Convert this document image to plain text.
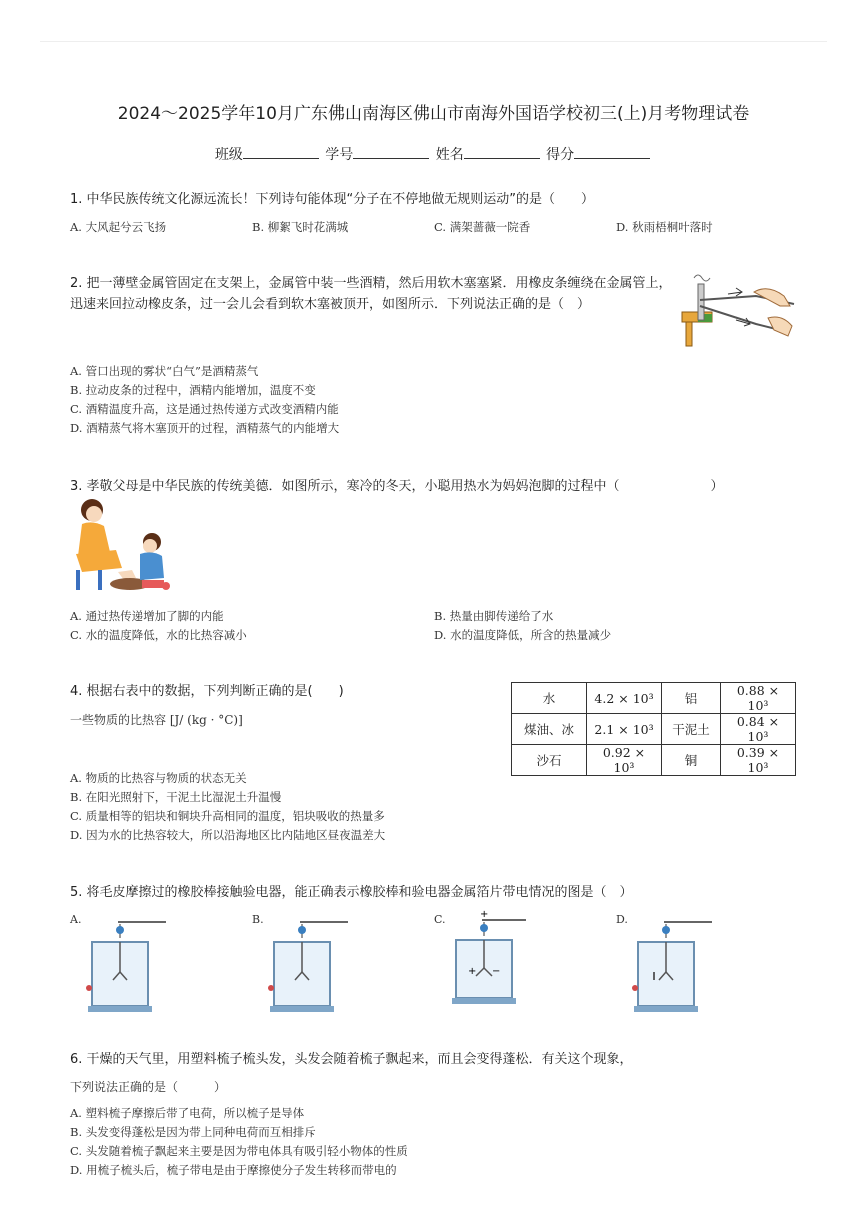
2024～2025学年10月广东佛山南海区佛山市南海外国语学校初三(上)月考物理试卷
班级	学号	姓名	得分
1. 中华民族传统文化源远流长！下列诗句能体现“分子在不停地做无规则运动”的是（　　）
A. 大风起兮云飞扬	B. 柳絮飞时花满城	C. 满架蔷薇一院香	D. 秋雨梧桐叶落时
2. 把一薄壁金属管固定在支架上，金属管中装一些酒精，然后用软木塞塞紧．用橡皮条缠绕在金属管上，
迅速来回拉动橡皮条，过一会儿会看到软木塞被顶开，如图所示．下列说法正确的是（　）
A. 管口出现的雾状“白气”是酒精蒸气
B. 拉动皮条的过程中，酒精内能增加，温度不变
C. 酒精温度升高，这是通过热传递方式改变酒精内能
D. 酒精蒸气将木塞顶开的过程，酒精蒸气的内能增大
3. 孝敬父母是中华民族的传统美德．如图所示，寒冷的冬天，小聪用热水为妈妈泡脚的过程中（　　　　　　　）
A. 通过热传递增加了脚的内能	B. 热量由脚传递给了水
C. 水的温度降低，水的比热容减小	D. 水的温度降低，所含的热量减少
4. 根据右表中的数据，下列判断正确的是(　　)
一些物质的比热容 [J/ (kg · °C)]
水	4.2 × 10³	铝	0.88 × 10³
煤油、冰	2.1 × 10³	干泥土	0.84 × 10³
沙石	0.92 × 10³	铜	0.39 × 10³
A. 物质的比热容与物质的状态无关
B. 在阳光照射下，干泥土比湿泥土升温慢
C. 质量相等的铝块和铜块升高相同的温度，铝块吸收的热量多
D. 因为水的比热容较大，所以沿海地区比内陆地区昼夜温差大
5. 将毛皮摩擦过的橡胶棒接触验电器，能正确表示橡胶棒和验电器金属箔片带电情况的图是（　）
A.	B.	C.	+
+ −
D.
6. 干燥的天气里，用塑料梳子梳头发，头发会随着梳子飘起来，而且会变得蓬松．有关这个现象，
下列说法正确的是（　　　）
A. 塑料梳子摩擦后带了电荷，所以梳子是导体
B. 头发变得蓬松是因为带上同种电荷而互相排斥
C. 头发随着梳子飘起来主要是因为带电体具有吸引轻小物体的性质
D. 用梳子梳头后，梳子带电是由于摩擦使分子发生转移而带电的
